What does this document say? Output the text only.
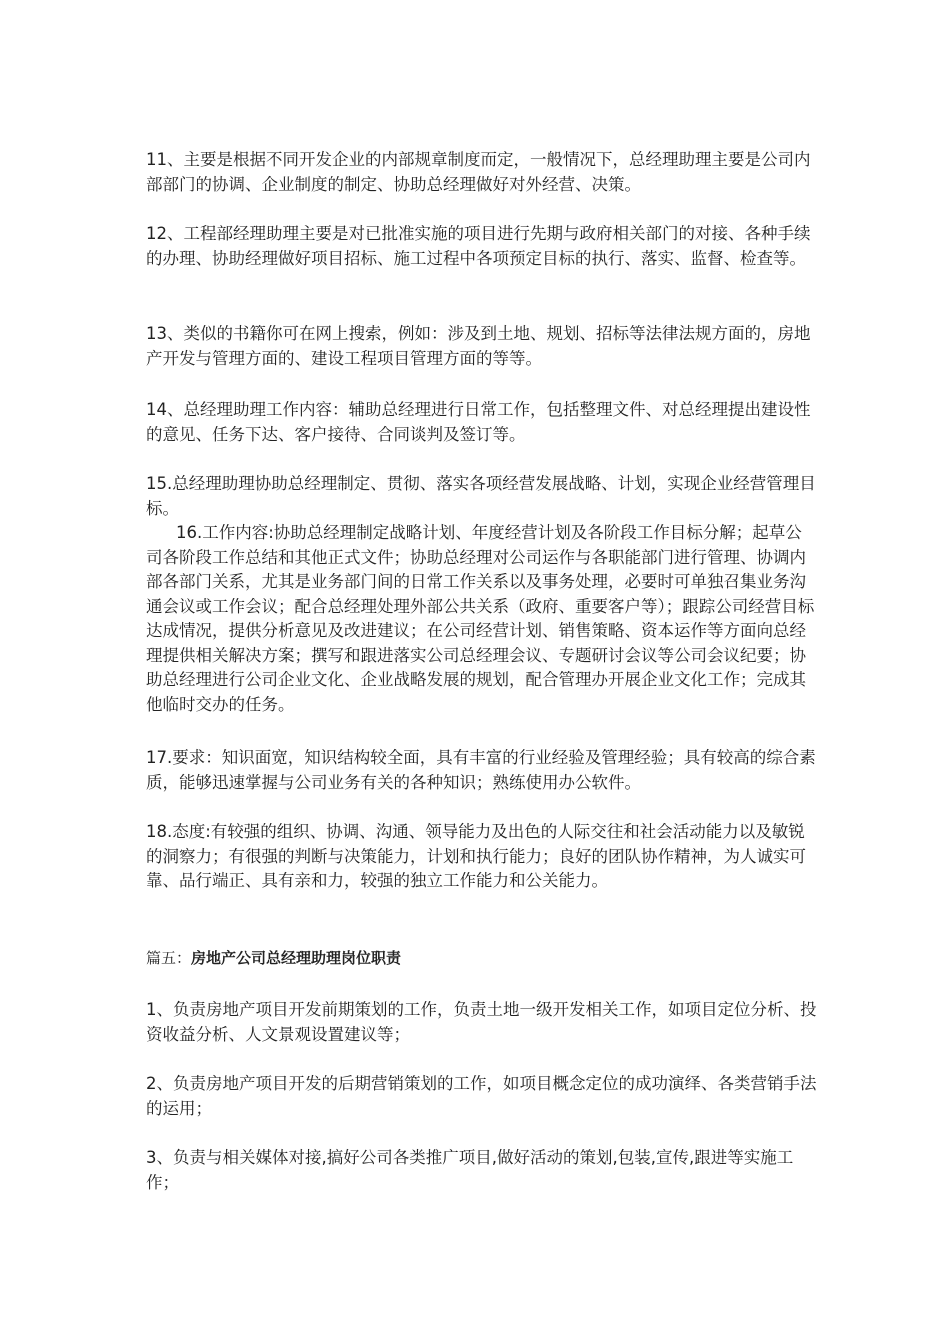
11、主要是根据不同开发企业的内部规章制度而定，一般情况下，总经理助理主要是公司内部部门的协调、企业制度的制定、协助总经理做好对外经营、决策。

12、工程部经理助理主要是对已批准实施的项目进行先期与政府相关部门的对接、各种手续的办理、协助经理做好项目招标、施工过程中各项预定目标的执行、落实、监督、检查等。

13、类似的书籍你可在网上搜索，例如：涉及到土地、规划、招标等法律法规方面的，房地产开发与管理方面的、建设工程项目管理方面的等等。

14、总经理助理工作内容：辅助总经理进行日常工作，包括整理文件、对总经理提出建设性的意见、任务下达、客户接待、合同谈判及签订等。

15.总经理助理协助总经理制定、贯彻、落实各项经营发展战略、计划，实现企业经营管理目标。

16.工作内容:协助总经理制定战略计划、年度经营计划及各阶段工作目标分解；起草公司各阶段工作总结和其他正式文件；协助总经理对公司运作与各职能部门进行管理、协调内部各部门关系，尤其是业务部门间的日常工作关系以及事务处理，必要时可单独召集业务沟通会议或工作会议；配合总经理处理外部公共关系（政府、重要客户等）；跟踪公司经营目标达成情况，提供分析意见及改进建议；在公司经营计划、销售策略、资本运作等方面向总经理提供相关解决方案；撰写和跟进落实公司总经理会议、专题研讨会议等公司会议纪要；协助总经理进行公司企业文化、企业战略发展的规划，配合管理办开展企业文化工作；完成其他临时交办的任务。

17.要求：知识面宽，知识结构较全面，具有丰富的行业经验及管理经验；具有较高的综合素质，能够迅速掌握与公司业务有关的各种知识；熟练使用办公软件。

18.态度:有较强的组织、协调、沟通、领导能力及出色的人际交往和社会活动能力以及敏锐的洞察力；有很强的判断与决策能力，计划和执行能力；良好的团队协作精神，为人诚实可靠、品行端正、具有亲和力，较强的独立工作能力和公关能力。

篇五：房地产公司总经理助理岗位职责

1、负责房地产项目开发前期策划的工作，负责土地一级开发相关工作，如项目定位分析、投资收益分析、人文景观设置建议等；

2、负责房地产项目开发的后期营销策划的工作，如项目概念定位的成功演绎、各类营销手法的运用；

3、负责与相关媒体对接,搞好公司各类推广项目,做好活动的策划,包装,宣传,跟进等实施工作；
